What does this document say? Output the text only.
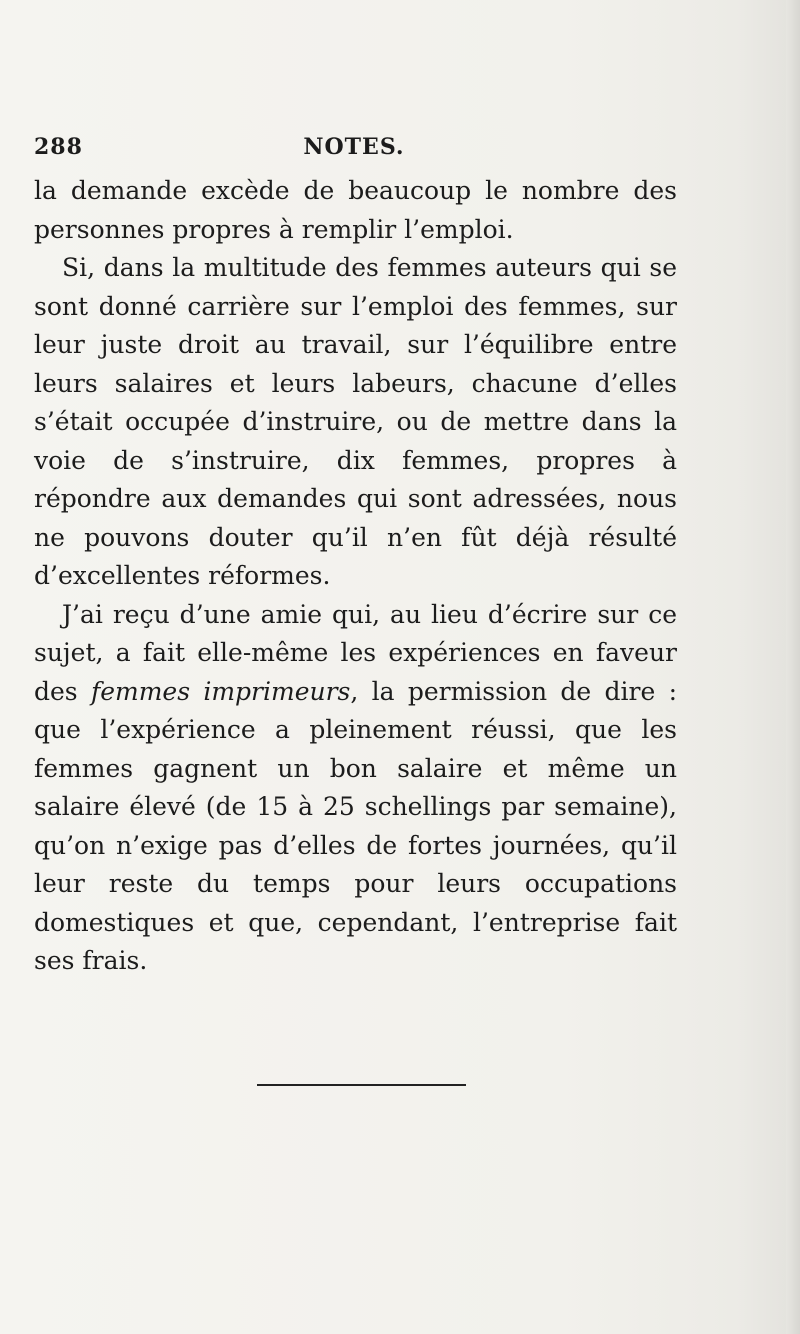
288	NOTES.

la demande excède de beaucoup le nombre des personnes propres à remplir l’emploi.

Si, dans la multitude des femmes auteurs qui se sont donné carrière sur l’emploi des femmes, sur leur juste droit au travail, sur l’équilibre entre leurs salaires et leurs labeurs, chacune d’elles s’était occupée d’instruire, ou de mettre dans la voie de s’instruire, dix femmes, propres à répondre aux demandes qui sont adressées, nous ne pouvons douter qu’il n’en fût déjà résulté d’excellentes réformes.

J’ai reçu d’une amie qui, au lieu d’écrire sur ce sujet, a fait elle-même les expériences en faveur des femmes imprimeurs, la permission de dire : que l’expérience a pleinement réussi, que les femmes gagnent un bon salaire et même un salaire élevé (de 15 à 25 schellings par semaine), qu’on n’exige pas d’elles de fortes journées, qu’il leur reste du temps pour leurs occupations domestiques et que, cependant, l’entreprise fait ses frais.
